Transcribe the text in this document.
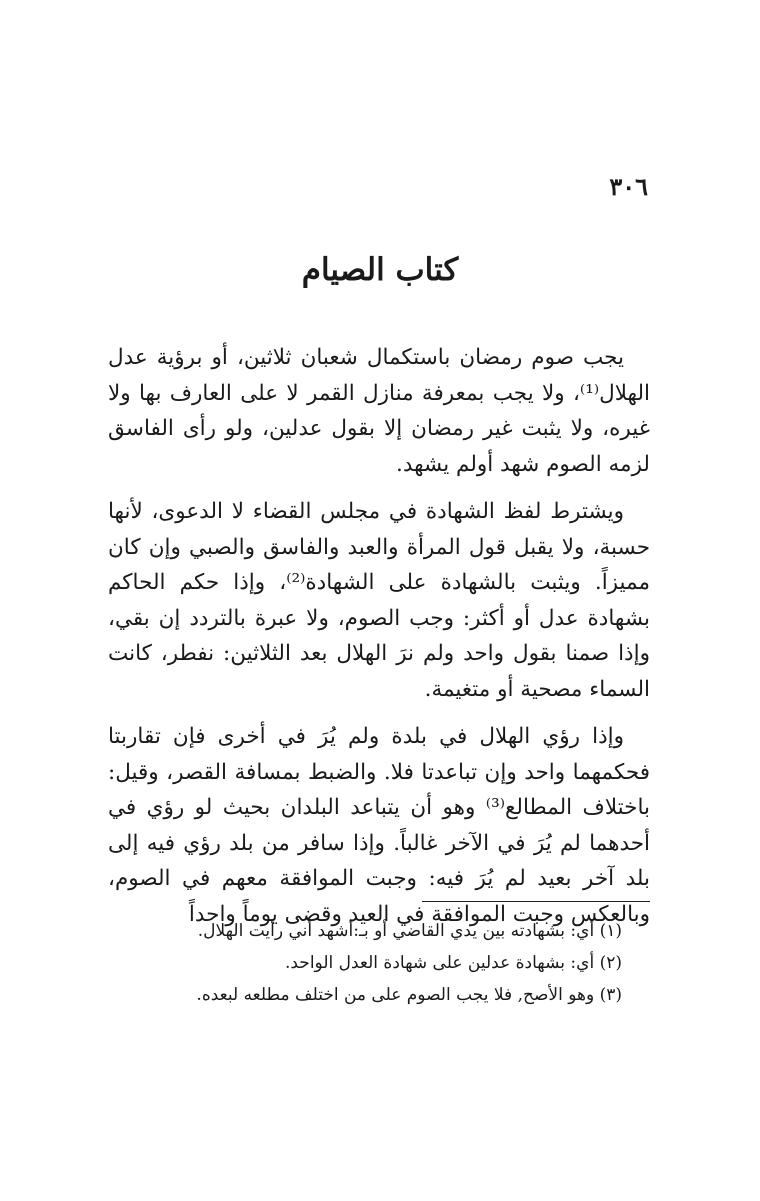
٣٠٦
كتاب الصيام

يجب صوم رمضان باستكمال شعبان ثلاثين، أو برؤية عدل الهلال⁽¹⁾، ولا يجب بمعرفة منازل القمر لا على العارف بها ولا غيره، ولا يثبت غير رمضان إلا بقول عدلين، ولو رأى الفاسق لزمه الصوم شهد أولم يشهد.

ويشترط لفظ الشهادة في مجلس القضاء لا الدعوى، لأنها حسبة، ولا يقبل قول المرأة والعبد والفاسق والصبي وإن كان مميزاً. ويثبت بالشهادة على الشهادة⁽²⁾، وإذا حكم الحاكم بشهادة عدل أو أكثر: وجب الصوم، ولا عبرة بالتردد إن بقي، وإذا صمنا بقول واحد ولم نرَ الهلال بعد الثلاثين: نفطر، كانت السماء مصحية أو متغيمة.

وإذا رؤي الهلال في بلدة ولم يُرَ في أخرى فإن تقاربتا فحكمهما واحد وإن تباعدتا فلا. والضبط بمسافة القصر، وقيل: باختلاف المطالع⁽³⁾ وهو أن يتباعد البلدان بحيث لو رؤي في أحدهما لم يُرَ في الآخر غالباً. وإذا سافر من بلد رؤي فيه إلى بلد آخر بعيد لم يُرَ فيه: وجبت الموافقة معهم في الصوم، وبالعكس وجبت الموافقة في العيد وقضى يوماً واحداً

(١) أي: بشهادته بين يدي القاضي أو بـ:أشهد أني رأيت الهلال.

(٢) أي: بشهادة عدلين على شهادة العدل الواحد.

(٣) وهو الأصح, فلا يجب الصوم على من اختلف مطلعه لبعده.
